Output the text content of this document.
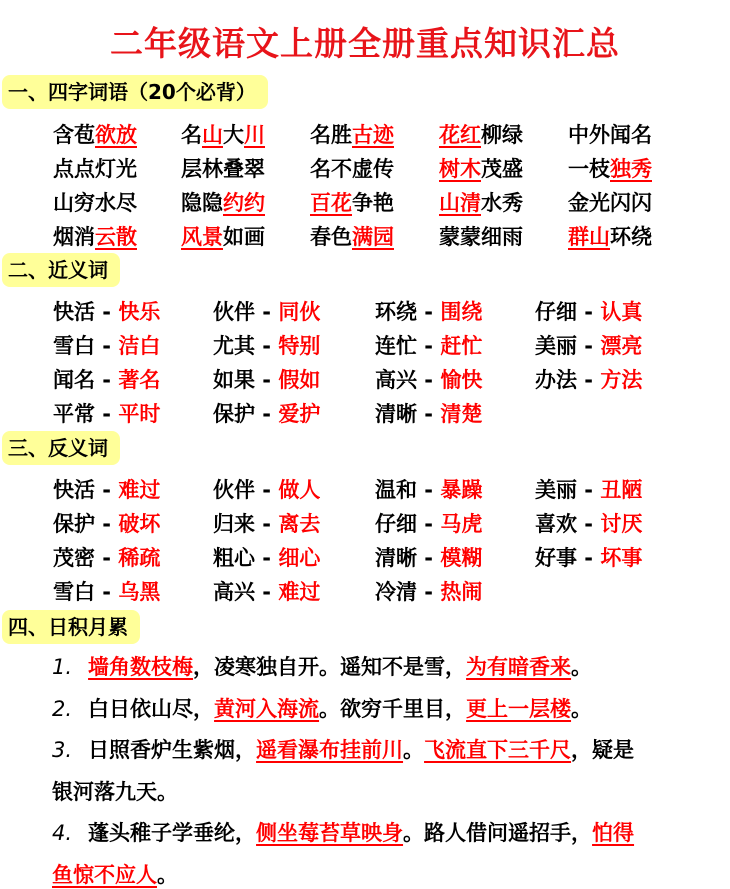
二年级语文上册全册重点知识汇总
一、四字词语（20个必背）
二、近义词
三、反义词
四、日积月累
含苞欲放 名山大川 名胜古迹 花红柳绿 中外闻名
点点灯光 层林叠翠 名不虚传 树木茂盛 一枝独秀
山穷水尽 隐隐约约 百花争艳 山清水秀 金光闪闪
烟消云散 风景如画 春色满园 蒙蒙细雨 群山环绕
快活 - 快乐	伙伴 - 同伙	环绕 - 围绕	仔细 - 认真
雪白 - 洁白	尤其 - 特别	连忙 - 赶忙	美丽 - 漂亮
闻名 - 著名	如果 - 假如	高兴 - 愉快	办法 - 方法
平常 - 平时	保护 - 爱护	清晰 - 清楚
快活 - 难过	伙伴 - 做人	温和 - 暴躁	美丽 - 丑陋
保护 - 破坏	归来 - 离去	仔细 - 马虎	喜欢 - 讨厌
茂密 - 稀疏	粗心 - 细心	清晰 - 模糊	好事 - 坏事
雪白 - 乌黑	高兴 - 难过	冷清 - 热闹
1. 墙角数枝梅，凌寒独自开。遥知不是雪，为有暗香来。
2. 白日依山尽，黄河入海流。欲穷千里目，更上一层楼。
3. 日照香炉生紫烟，遥看瀑布挂前川。飞流直下三千尺，疑是
银河落九天。
4. 蓬头稚子学垂纶，侧坐莓苔草映身。路人借问遥招手，怕得
鱼惊不应人。
